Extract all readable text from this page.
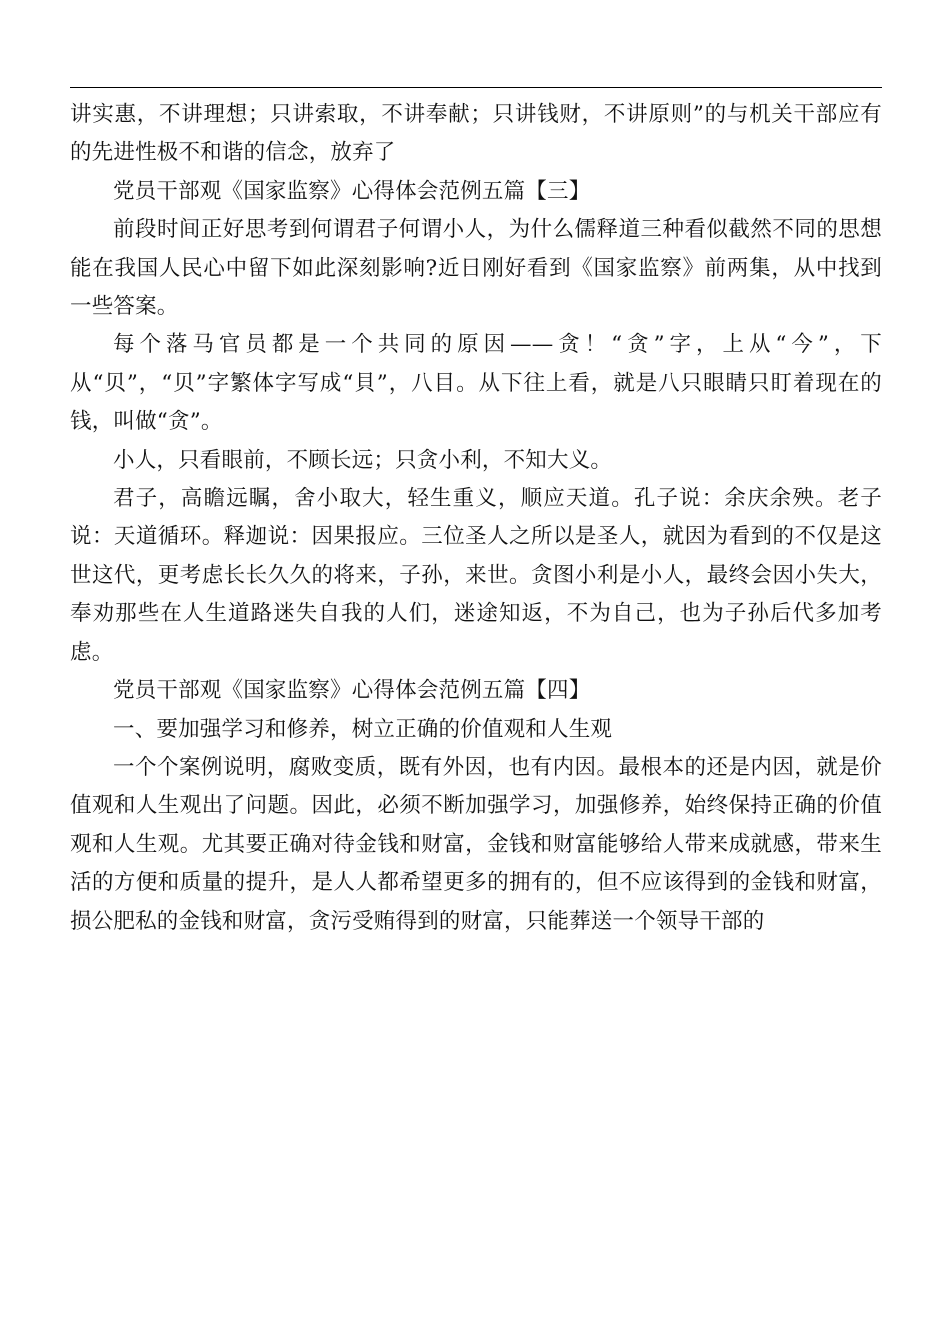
讲实惠，不讲理想；只讲索取，不讲奉献；只讲钱财，不讲原则”的与机关干部应有的先进性极不和谐的信念，放弃了

党员干部观《国家监察》心得体会范例五篇【三】

前段时间正好思考到何谓君子何谓小人，为什么儒释道三种看似截然不同的思想能在我国人民心中留下如此深刻影响?近日刚好看到《国家监察》前两集，从中找到一些答案。

每个落马官员都是一个共同的原因——贪！“贪”字，上从“今”，下从“贝”，“贝”字繁体字写成“貝”，八目。从下往上看，就是八只眼睛只盯着现在的钱，叫做“贪”。

小人，只看眼前，不顾长远；只贪小利，不知大义。

君子，高瞻远瞩，舍小取大，轻生重义，顺应天道。孔子说：余庆余殃。老子说：天道循环。释迦说：因果报应。三位圣人之所以是圣人，就因为看到的不仅是这世这代，更考虑长长久久的将来，子孙，来世。贪图小利是小人，最终会因小失大，奉劝那些在人生道路迷失自我的人们，迷途知返，不为自己，也为子孙后代多加考虑。

党员干部观《国家监察》心得体会范例五篇【四】

一、要加强学习和修养，树立正确的价值观和人生观

一个个案例说明，腐败变质，既有外因，也有内因。最根本的还是内因，就是价值观和人生观出了问题。因此，必须不断加强学习，加强修养，始终保持正确的价值观和人生观。尤其要正确对待金钱和财富，金钱和财富能够给人带来成就感，带来生活的方便和质量的提升，是人人都希望更多的拥有的，但不应该得到的金钱和财富，损公肥私的金钱和财富，贪污受贿得到的财富，只能葬送一个领导干部的
